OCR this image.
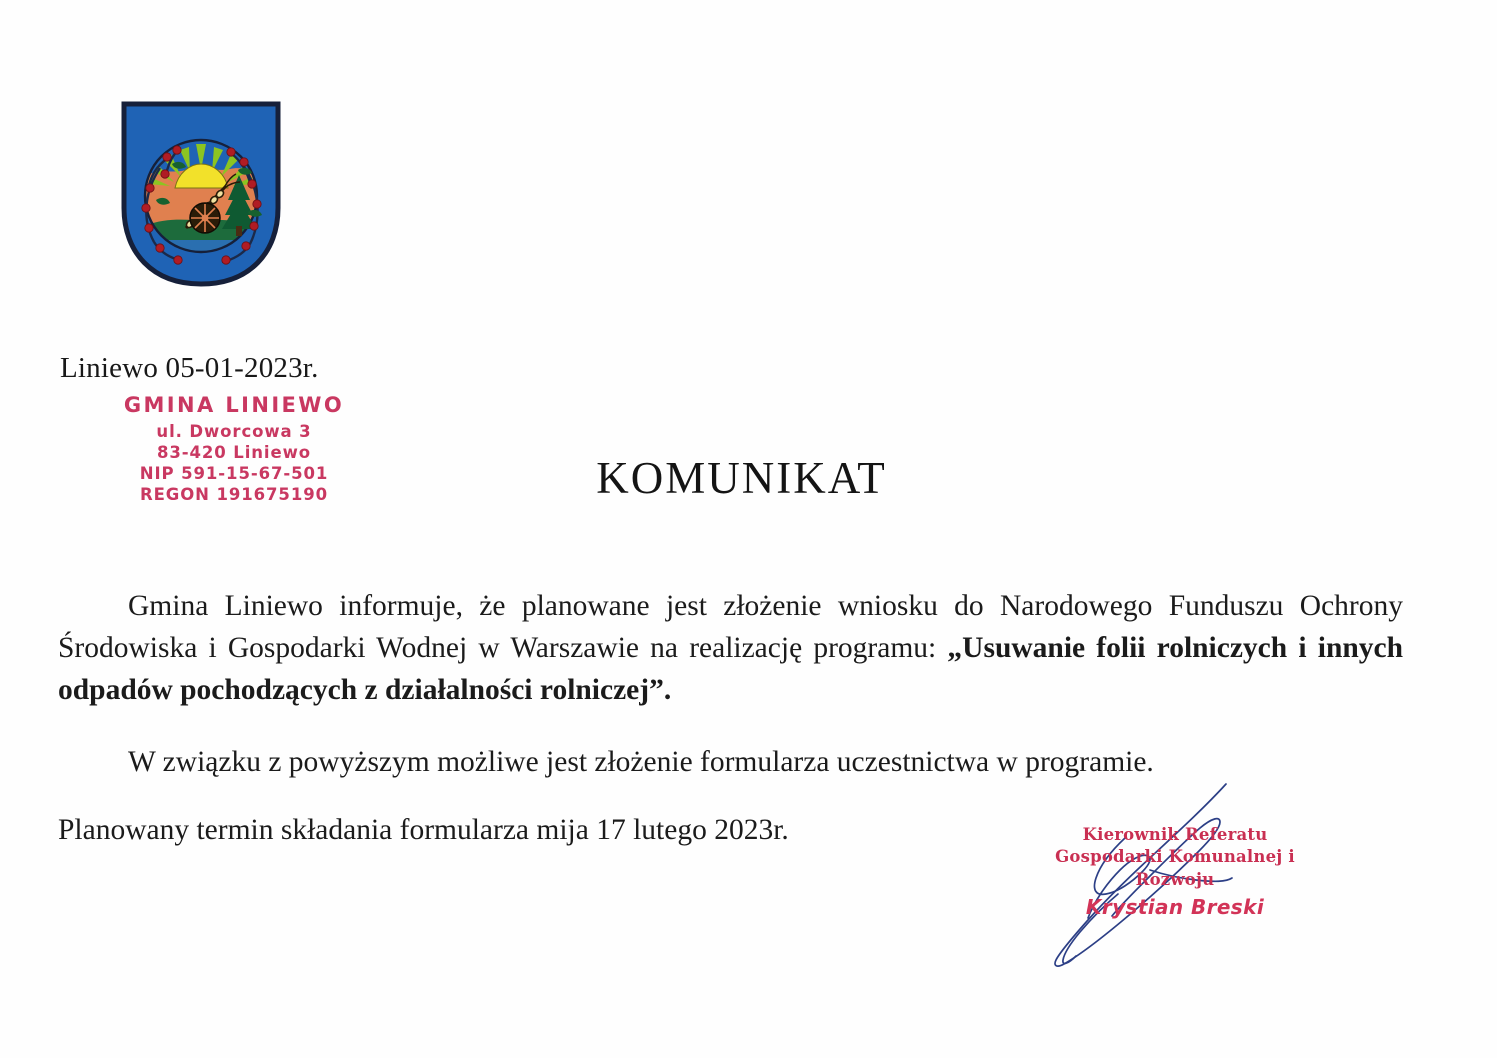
Liniewo 05-01-2023r.
GMINA LINIEWO
ul. Dworcowa 3
83-420 Liniewo
NIP 591-15-67-501
REGON 191675190	KOMUNIKAT

Gmina Liniewo informuje, że planowane jest złożenie wniosku do Narodowego Funduszu Ochrony Środowiska i Gospodarki Wodnej w Warszawie na realizację programu: „Usuwanie folii rolniczych i innych odpadów pochodzących z działalności rolniczej”.

W związku z powyższym możliwe jest złożenie formularza uczestnictwa w programie.

Planowany termin składania formularza mija 17 lutego 2023r.	Kierownik Referatu
Gospodarki Komunalnej i Rozwoju
Krystian Breski
